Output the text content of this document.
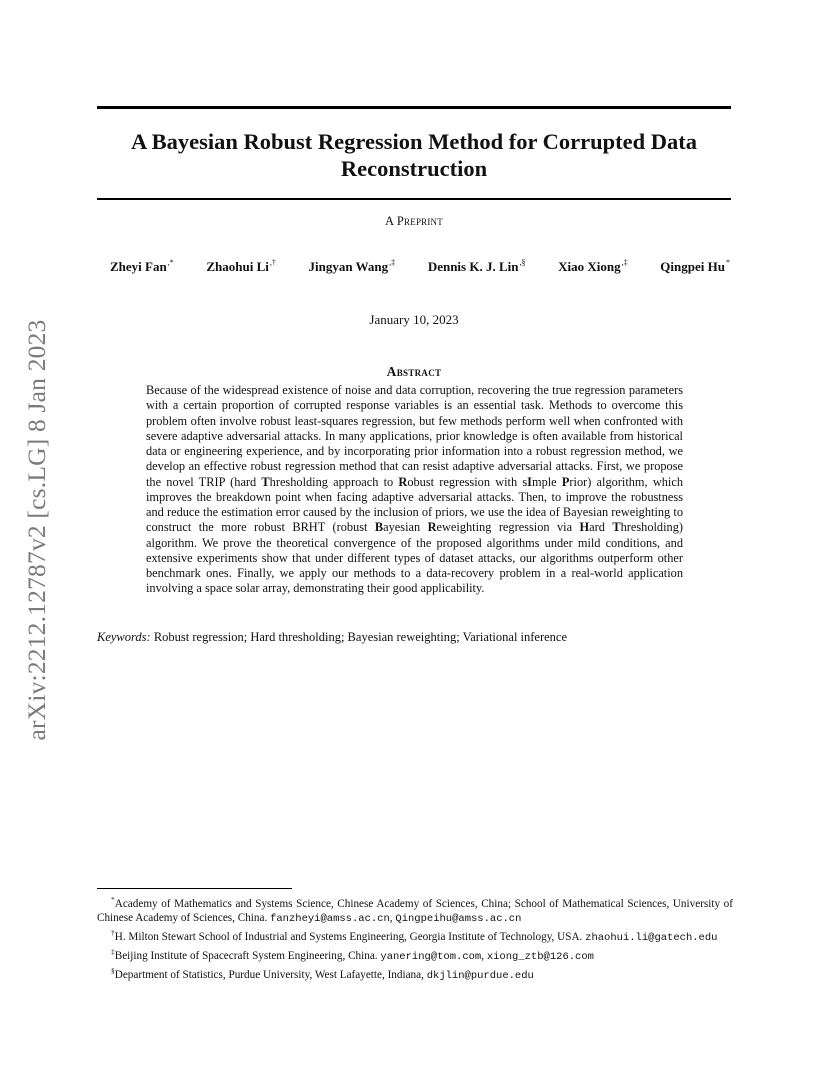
arXiv:2212.12787v2 [cs.LG] 8 Jan 2023
A Bayesian Robust Regression Method for Corrupted Data
Reconstruction
A Preprint
Zheyi Fan,*	Zhaohui Li,†	Jingyan Wang,‡	Dennis K. J. Lin,§	Xiao Xiong,‡	Qingpei Hu*
January 10, 2023
Abstract
Because of the widespread existence of noise and data corruption, recovering the true regression parameters with a certain proportion of corrupted response variables is an essential task. Methods to overcome this problem often involve robust least-squares regression, but few methods perform well when confronted with severe adaptive adversarial attacks. In many applications, prior knowledge is often available from historical data or engineering experience, and by incorporating prior information into a robust regression method, we develop an effective robust regression method that can resist adaptive adversarial attacks. First, we propose the novel TRIP (hard Thresholding approach to Robust regression with sImple Prior) algorithm, which improves the breakdown point when facing adaptive adversarial attacks. Then, to improve the robustness and reduce the estimation error caused by the inclusion of priors, we use the idea of Bayesian reweighting to construct the more robust BRHT (robust Bayesian Reweighting regression via Hard Thresholding) algorithm. We prove the theoretical convergence of the proposed algorithms under mild conditions, and extensive experiments show that under different types of dataset attacks, our algorithms outperform other benchmark ones. Finally, we apply our methods to a data-recovery problem in a real-world application involving a space solar array, demonstrating their good applicability.
Keywords: Robust regression; Hard thresholding; Bayesian reweighting; Variational inference

*Academy of Mathematics and Systems Science, Chinese Academy of Sciences, China; School of Mathematical Sciences, University of Chinese Academy of Sciences, China. fanzheyi@amss.ac.cn, Qingpeihu@amss.ac.cn

†H. Milton Stewart School of Industrial and Systems Engineering, Georgia Institute of Technology, USA. zhaohui.li@gatech.edu

‡Beijing Institute of Spacecraft System Engineering, China. yanering@tom.com, xiong_ztb@126.com

§Department of Statistics, Purdue University, West Lafayette, Indiana, dkjlin@purdue.edu
